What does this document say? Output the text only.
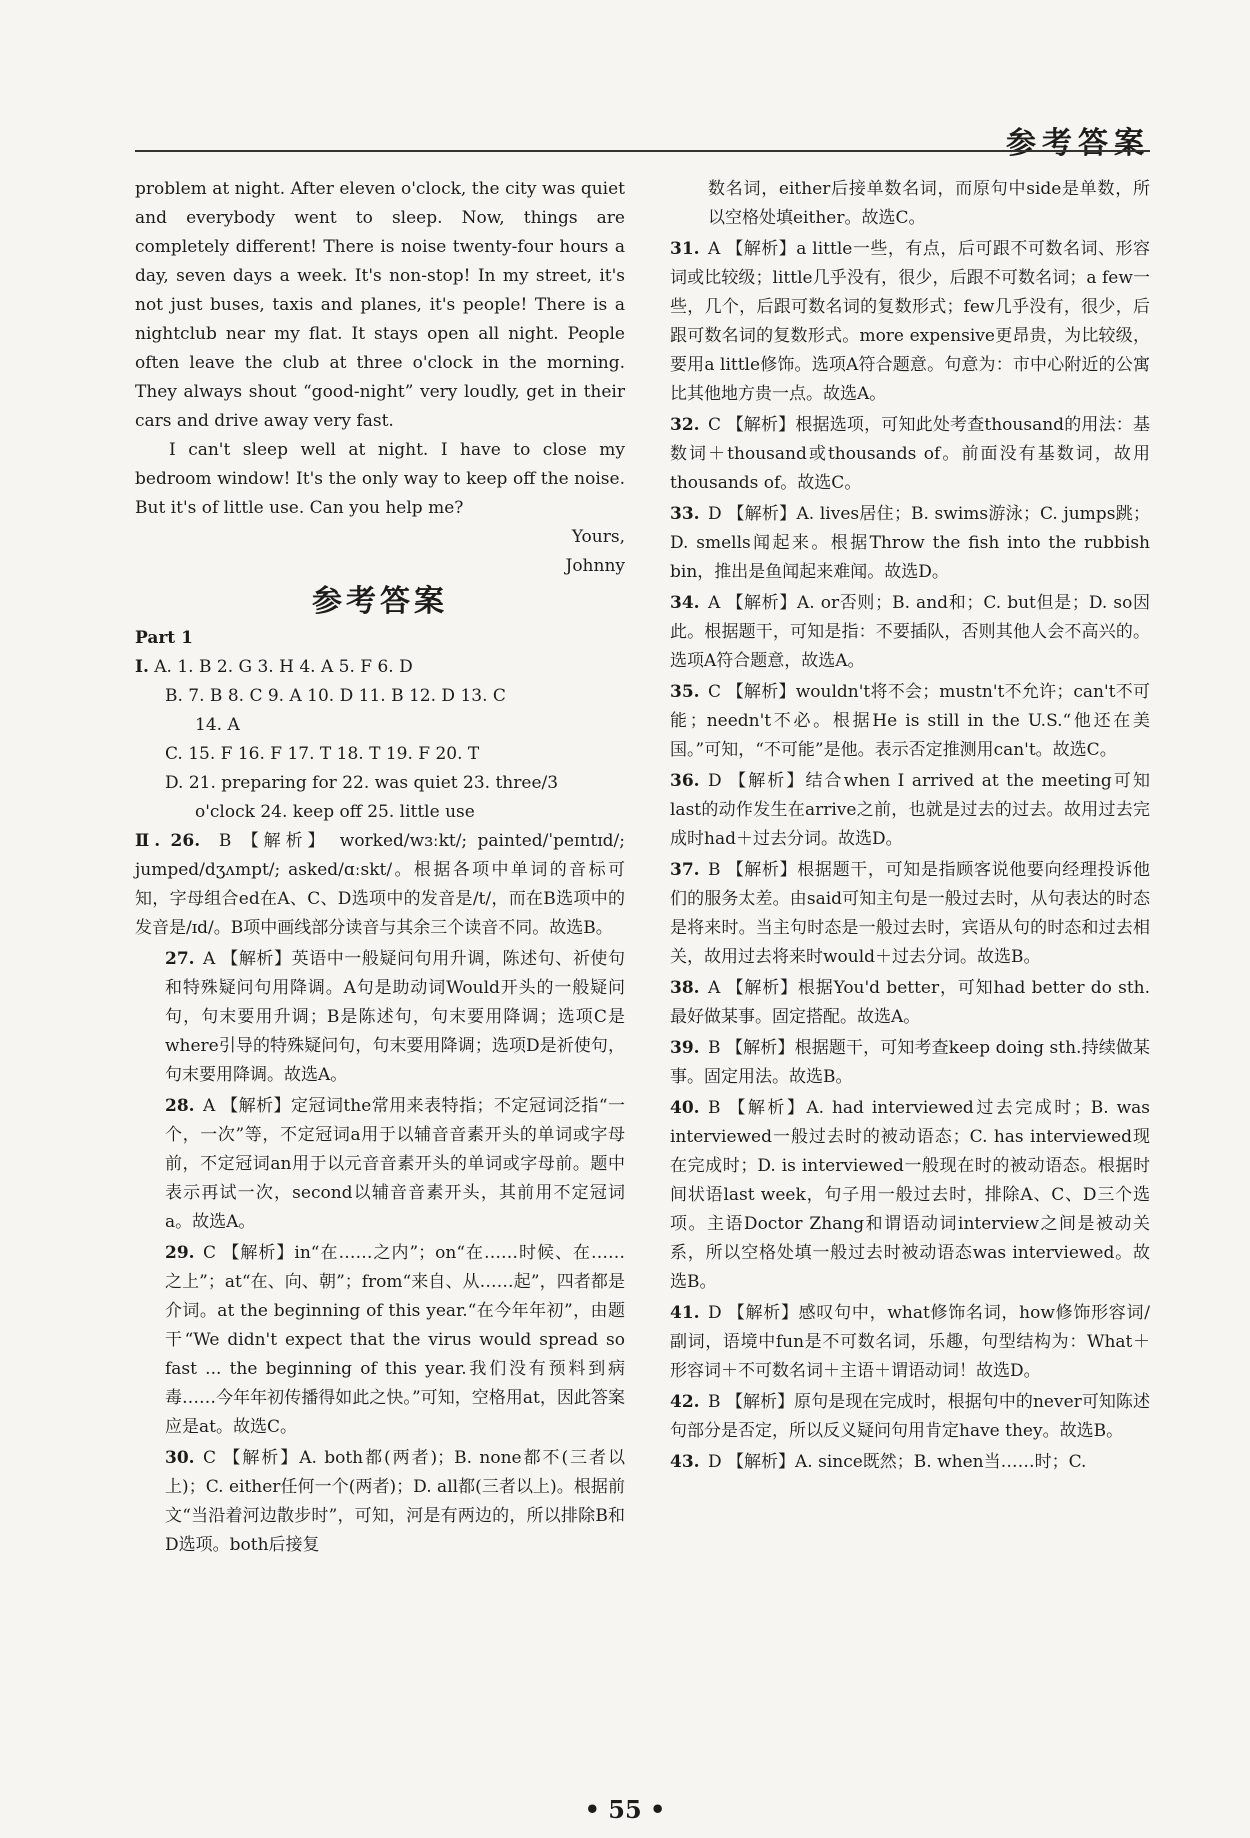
参考答案

problem at night. After eleven o'clock, the city was quiet and everybody went to sleep. Now, things are completely different! There is noise twenty-four hours a day, seven days a week. It's non-stop! In my street, it's not just buses, taxis and planes, it's people! There is a nightclub near my flat. It stays open all night. People often leave the club at three o'clock in the morning. They always shout “good-night” very loudly, get in their cars and drive away very fast.

I can't sleep well at night. I have to close my bedroom window! It's the only way to keep off the noise. But it's of little use. Can you help me?

Yours,
Johnny
参考答案
Part 1
Ⅰ. A. 1. B 2. G 3. H 4. A 5. F 6. D
B. 7. B 8. C 9. A 10. D 11. B 12. D 13. C
14. A
C. 15. F 16. F 17. T 18. T 19. F 20. T
D. 21. preparing for 22. was quiet 23. three/3
o'clock 24. keep off 25. little use
Ⅱ. 26. B 【解析】 worked/wɜːkt/; painted/ˈpeɪntɪd/; jumped/dʒʌmpt/; asked/ɑːskt/。根据各项中单词的音标可知，字母组合ed在A、C、D选项中的发音是/t/，而在B选项中的发音是/ɪd/。B项中画线部分读音与其余三个读音不同。故选B。
27. A 【解析】英语中一般疑问句用升调，陈述句、祈使句和特殊疑问句用降调。A句是助动词Would开头的一般疑问句，句末要用升调；B是陈述句，句末要用降调；选项C是where引导的特殊疑问句，句末要用降调；选项D是祈使句，句末要用降调。故选A。
28. A 【解析】定冠词the常用来表特指；不定冠词泛指“一个，一次”等，不定冠词a用于以辅音音素开头的单词或字母前，不定冠词an用于以元音音素开头的单词或字母前。题中表示再试一次，second以辅音音素开头，其前用不定冠词a。故选A。
29. C 【解析】in“在……之内”；on“在……时候、在……之上”；at“在、向、朝”；from“来自、从……起”，四者都是介词。at the beginning of this year.“在今年年初”，由题干“We didn't expect that the virus would spread so fast ... the beginning of this year.我们没有预料到病毒……今年年初传播得如此之快。”可知，空格用at，因此答案应是at。故选C。
30. C 【解析】A. both都(两者)；B. none都不(三者以上)；C. either任何一个(两者)；D. all都(三者以上)。根据前文“当沿着河边散步时”，可知，河是有两边的，所以排除B和D选项。both后接复
数名词，either后接单数名词，而原句中side是单数，所以空格处填either。故选C。
31. A 【解析】a little一些，有点，后可跟不可数名词、形容词或比较级；little几乎没有，很少，后跟不可数名词；a few一些，几个，后跟可数名词的复数形式；few几乎没有，很少，后跟可数名词的复数形式。more expensive更昂贵，为比较级，要用a little修饰。选项A符合题意。句意为：市中心附近的公寓比其他地方贵一点。故选A。
32. C 【解析】根据选项，可知此处考查thousand的用法：基数词＋thousand或thousands of。前面没有基数词，故用thousands of。故选C。
33. D 【解析】A. lives居住；B. swims游泳；C. jumps跳；D. smells闻起来。根据Throw the fish into the rubbish bin，推出是鱼闻起来难闻。故选D。
34. A 【解析】A. or否则；B. and和；C. but但是；D. so因此。根据题干，可知是指：不要插队，否则其他人会不高兴的。选项A符合题意，故选A。
35. C 【解析】wouldn't将不会；mustn't不允许；can't不可能；needn't不必。根据He is still in the U.S.“他还在美国。”可知，“不可能”是他。表示否定推测用can't。故选C。
36. D 【解析】结合when I arrived at the meeting可知last的动作发生在arrive之前，也就是过去的过去。故用过去完成时had＋过去分词。故选D。
37. B 【解析】根据题干，可知是指顾客说他要向经理投诉他们的服务太差。由said可知主句是一般过去时，从句表达的时态是将来时。当主句时态是一般过去时，宾语从句的时态和过去相关，故用过去将来时would＋过去分词。故选B。
38. A 【解析】根据You'd better，可知had better do sth.最好做某事。固定搭配。故选A。
39. B 【解析】根据题干，可知考查keep doing sth.持续做某事。固定用法。故选B。
40. B 【解析】A. had interviewed过去完成时；B. was interviewed一般过去时的被动语态；C. has interviewed现在完成时；D. is interviewed一般现在时的被动语态。根据时间状语last week，句子用一般过去时，排除A、C、D三个选项。主语Doctor Zhang和谓语动词interview之间是被动关系，所以空格处填一般过去时被动语态was interviewed。故选B。
41. D 【解析】感叹句中，what修饰名词，how修饰形容词/副词，语境中fun是不可数名词，乐趣，句型结构为：What＋形容词＋不可数名词＋主语＋谓语动词！故选D。
42. B 【解析】原句是现在完成时，根据句中的never可知陈述句部分是否定，所以反义疑问句用肯定have they。故选B。
43. D 【解析】A. since既然；B. when当……时；C.
• 55 •
